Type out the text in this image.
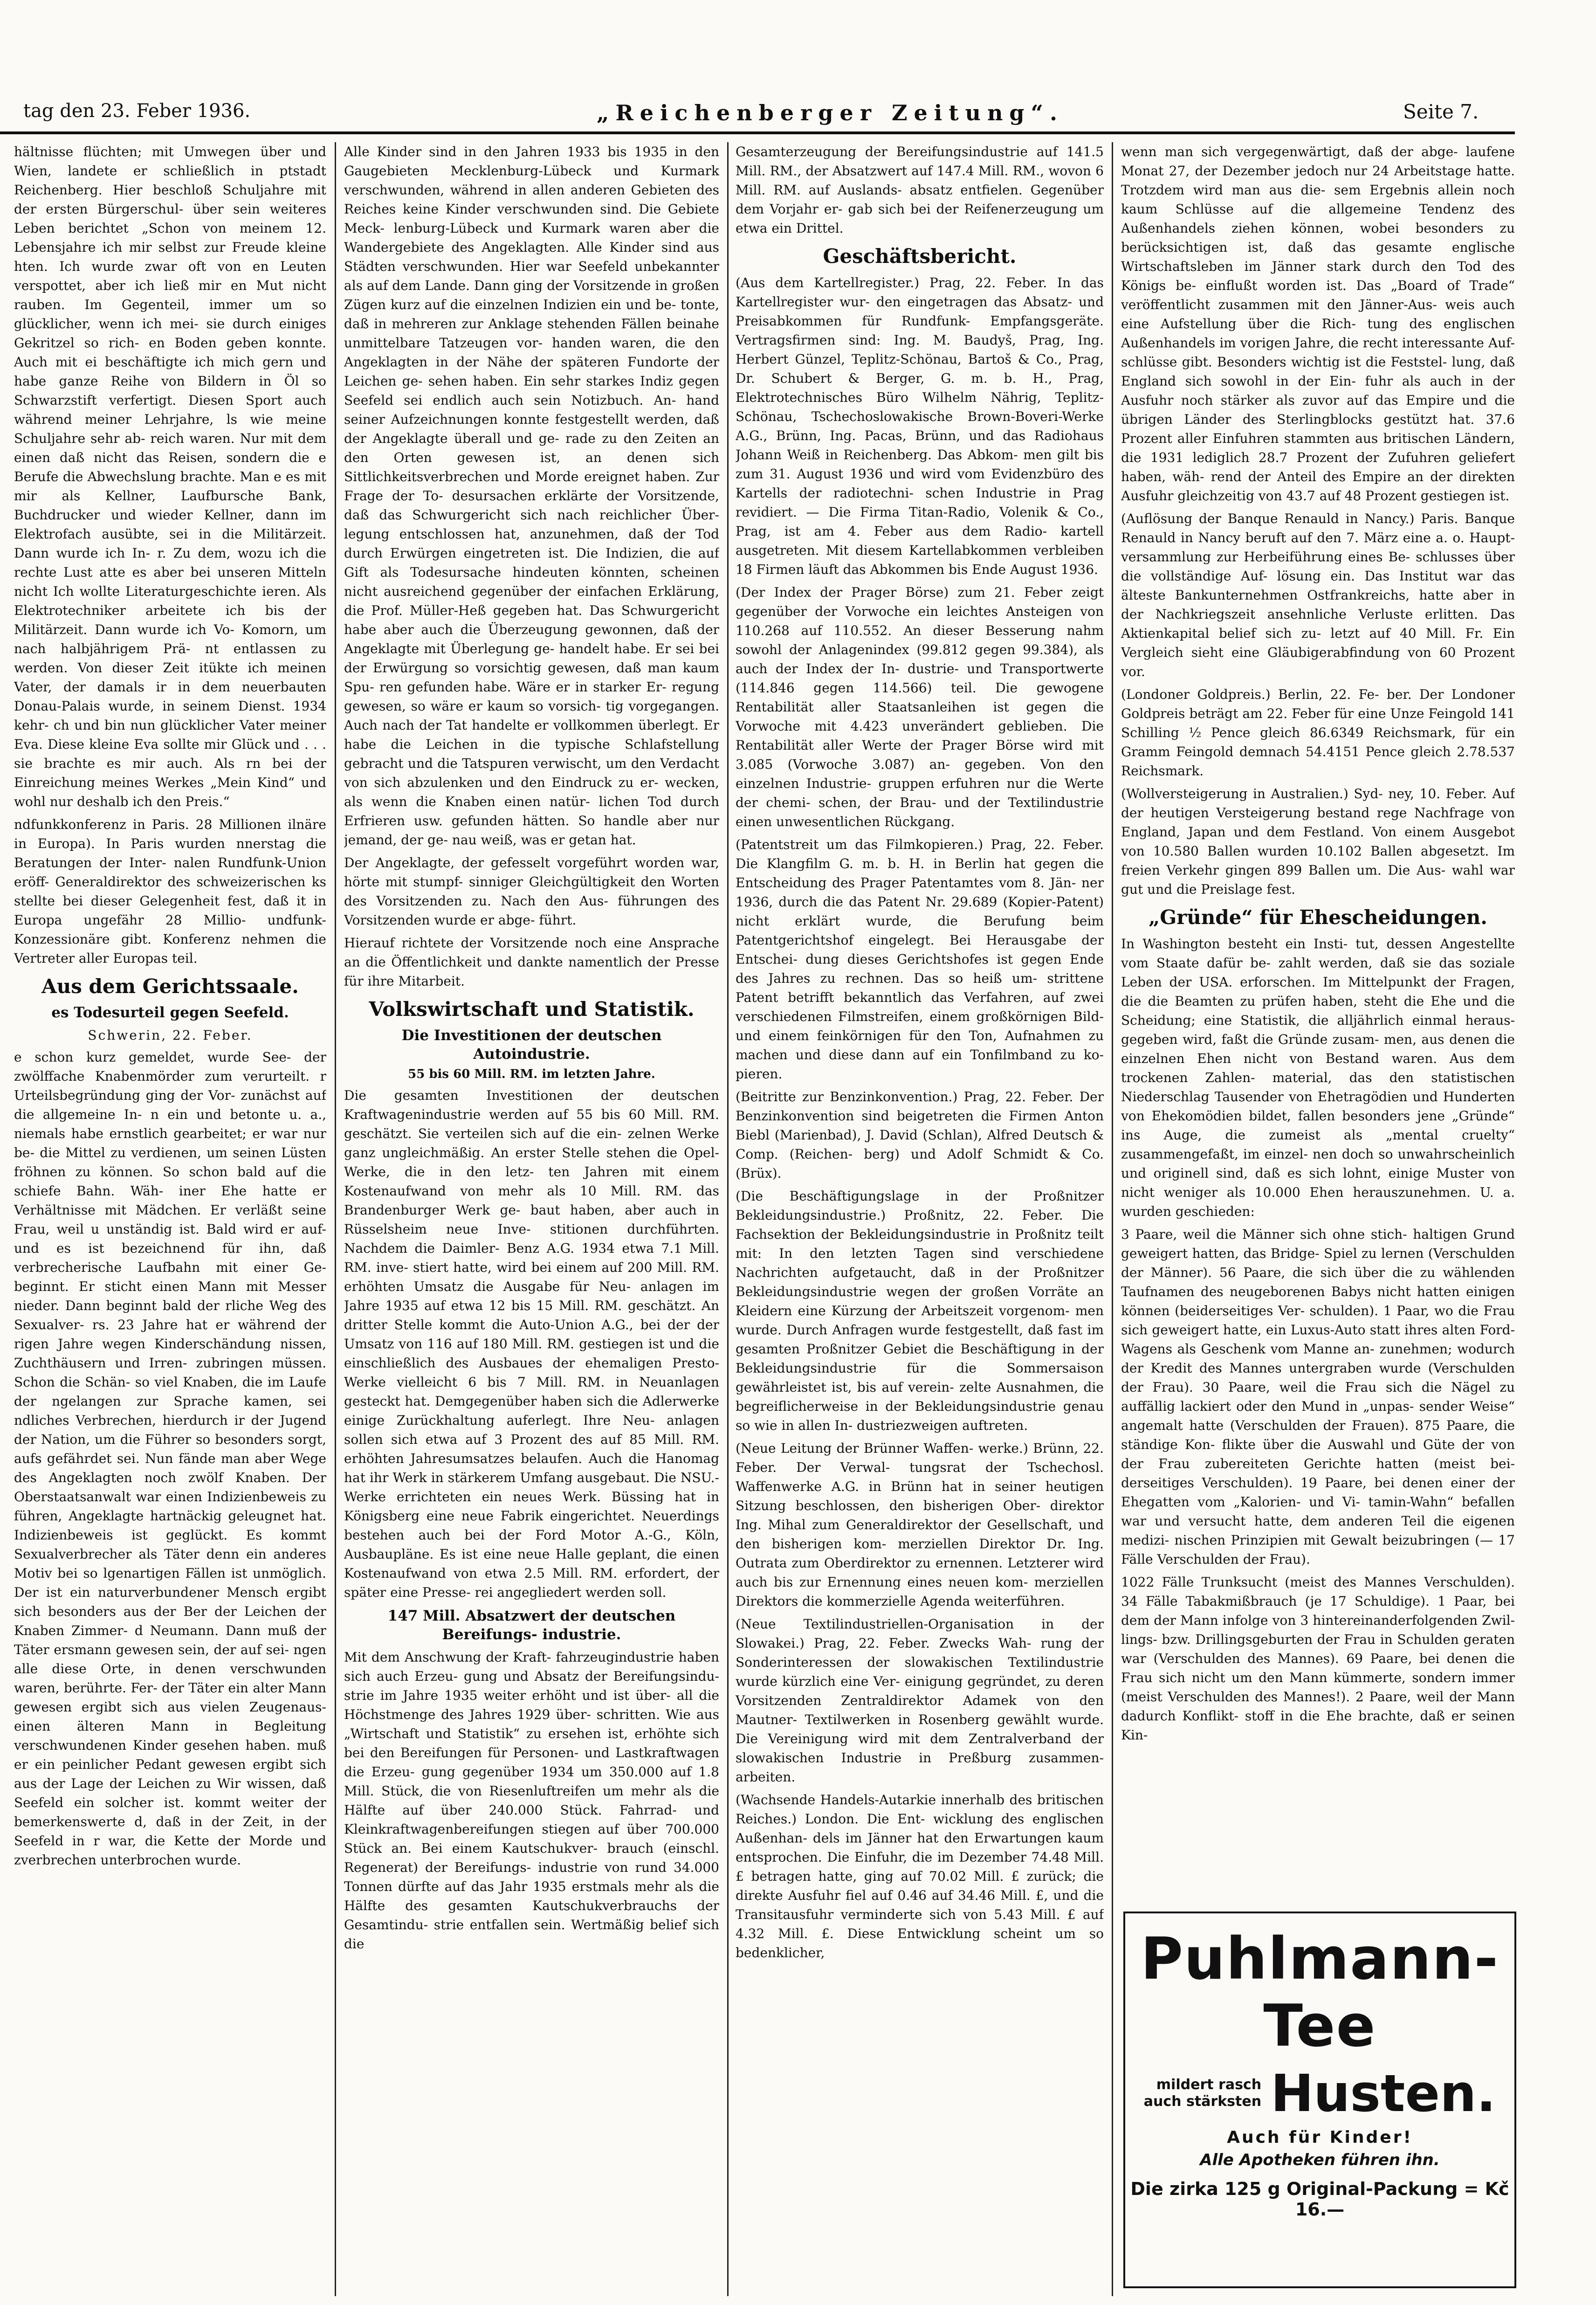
tag den 23. Feber 1936.	„Reichenberger Zeitung“.	Seite 7.

hältnisse flüchten; mit Umwegen über und Wien, landete er schließlich in ptstadt Reichenberg. Hier beschloß Schuljahre mit der ersten Bürgerschul- über sein weiteres Leben berichtet „Schon von meinem 12. Lebensjahre ich mir selbst zur Freude kleine hten. Ich wurde zwar oft von en Leuten verspottet, aber ich ließ mir en Mut nicht rauben. Im Gegenteil, immer um so glücklicher, wenn ich mei- sie durch einiges Gekritzel so rich- en Boden geben konnte. Auch mit ei beschäftigte ich mich gern und habe ganze Reihe von Bildern in Öl so Schwarzstift verfertigt. Diesen Sport auch während meiner Lehrjahre, ls wie meine Schuljahre sehr ab- reich waren. Nur mit dem einen daß nicht das Reisen, sondern die e Berufe die Abwechslung brachte. Man e es mit mir als Kellner, Laufbursche Bank, Buchdrucker und wieder Kellner, dann im Elektrofach ausübte, sei in die Militärzeit. Dann wurde ich In- r. Zu dem, wozu ich die rechte Lust atte es aber bei unseren Mitteln nicht Ich wollte Literaturgeschichte ieren. Als Elektrotechniker arbeitete ich bis der Militärzeit. Dann wurde ich Vo- Komorn, um nach halbjährigem Prä- nt entlassen zu werden. Von dieser Zeit itükte ich meinen Vater, der damals ir in dem neuerbauten Donau-Palais wurde, in seinem Dienst. 1934 kehr- ch und bin nun glücklicher Vater meiner Eva. Diese kleine Eva sollte mir Glück und . . . sie brachte es mir auch. Als rn bei der Einreichung meines Werkes „Mein Kind“ und wohl nur deshalb ich den Preis.“

ndfunkkonferenz in Paris. 28 Millionen ilnäre in Europa). In Paris wurden nnerstag die Beratungen der Inter- nalen Rundfunk-Union eröff- Generaldirektor des schweizerischen ks stellte bei dieser Gelegenheit fest, daß it in Europa ungefähr 28 Millio- undfunk-Konzessionäre gibt. Konferenz nehmen die Vertreter aller Europas teil.

Aus dem Gerichtssaale.
es Todesurteil gegen Seefeld.
Schwerin, 22. Feber.

e schon kurz gemeldet, wurde See- der zwölffache Knabenmörder zum verurteilt. r Urteilsbegründung ging der Vor- zunächst auf die allgemeine In- n ein und betonte u. a., niemals habe ernstlich gearbeitet; er war nur be- die Mittel zu verdienen, um seinen Lüsten fröhnen zu können. So schon bald auf die schiefe Bahn. Wäh- iner Ehe hatte er Verhältnisse mit Mädchen. Er verläßt seine Frau, weil u unständig ist. Bald wird er auf- und es ist bezeichnend für ihn, daß verbrecherische Laufbahn mit einer Ge- beginnt. Er sticht einen Mann mit Messer nieder. Dann beginnt bald der rliche Weg des Sexualver- rs. 23 Jahre hat er während der rigen Jahre wegen Kinderschändung nissen, Zuchthäusern und Irren- zubringen müssen. Schon die Schän- so viel Knaben, die im Laufe der ngelangen zur Sprache kamen, sei ndliches Verbrechen, hierdurch ir der Jugend der Nation, um die Führer so besonders sorgt, aufs gefährdet sei. Nun fände man aber Wege des Angeklagten noch zwölf Knaben. Der Oberstaatsanwalt war einen Indizienbeweis zu führen, Angeklagte hartnäckig geleugnet hat. Indizienbeweis ist geglückt. Es kommt Sexualverbrecher als Täter denn ein anderes Motiv bei so lgenartigen Fällen ist unmöglich. Der ist ein naturverbundener Mensch ergibt sich besonders aus der Ber der Leichen der Knaben Zimmer- d Neumann. Dann muß der Täter ersmann gewesen sein, der auf sei- ngen alle diese Orte, in denen verschwunden waren, berührte. Fer- der Täter ein alter Mann gewesen ergibt sich aus vielen Zeugenaus- einen älteren Mann in Begleitung verschwundenen Kinder gesehen haben. muß er ein peinlicher Pedant gewesen ergibt sich aus der Lage der Leichen zu Wir wissen, daß Seefeld ein solcher ist. kommt weiter der bemerkenswerte d, daß in der Zeit, in der Seefeld in r war, die Kette der Morde und zverbrechen unterbrochen wurde.

Alle Kinder sind in den Jahren 1933 bis 1935 in den Gaugebieten Mecklenburg-Lübeck und Kurmark verschwunden, während in allen anderen Gebieten des Reiches keine Kinder verschwunden sind. Die Gebiete Meck- lenburg-Lübeck und Kurmark waren aber die Wandergebiete des Angeklagten. Alle Kinder sind aus Städten verschwunden. Hier war Seefeld unbekannter als auf dem Lande. Dann ging der Vorsitzende in großen Zügen kurz auf die einzelnen Indizien ein und be- tonte, daß in mehreren zur Anklage stehenden Fällen beinahe unmittelbare Tatzeugen vor- handen waren, die den Angeklagten in der Nähe der späteren Fundorte der Leichen ge- sehen haben. Ein sehr starkes Indiz gegen Seefeld sei endlich auch sein Notizbuch. An- hand seiner Aufzeichnungen konnte festgestellt werden, daß der Angeklagte überall und ge- rade zu den Zeiten an den Orten gewesen ist, an denen sich Sittlichkeitsverbrechen und Morde ereignet haben. Zur Frage der To- desursachen erklärte der Vorsitzende, daß das Schwurgericht sich nach reichlicher Über- legung entschlossen hat, anzunehmen, daß der Tod durch Erwürgen eingetreten ist. Die Indizien, die auf Gift als Todesursache hindeuten könnten, scheinen nicht ausreichend gegenüber der einfachen Erklärung, die Prof. Müller-Heß gegeben hat. Das Schwurgericht habe aber auch die Überzeugung gewonnen, daß der Angeklagte mit Überlegung ge- handelt habe. Er sei bei der Erwürgung so vorsichtig gewesen, daß man kaum Spu- ren gefunden habe. Wäre er in starker Er- regung gewesen, so wäre er kaum so vorsich- tig vorgegangen. Auch nach der Tat handelte er vollkommen überlegt. Er habe die Leichen in die typische Schlafstellung gebracht und die Tatspuren verwischt, um den Verdacht von sich abzulenken und den Eindruck zu er- wecken, als wenn die Knaben einen natür- lichen Tod durch Erfrieren usw. gefunden hätten. So handle aber nur jemand, der ge- nau weiß, was er getan hat.

Der Angeklagte, der gefesselt vorgeführt worden war, hörte mit stumpf- sinniger Gleichgültigkeit den Worten des Vorsitzenden zu. Nach den Aus- führungen des Vorsitzenden wurde er abge- führt.

Hierauf richtete der Vorsitzende noch eine Ansprache an die Öffentlichkeit und dankte namentlich der Presse für ihre Mitarbeit.

Volkswirtschaft und Statistik.
Die Investitionen der deutschen Autoindustrie.
55 bis 60 Mill. RM. im letzten Jahre.

Die gesamten Investitionen der deutschen Kraftwagenindustrie werden auf 55 bis 60 Mill. RM. geschätzt. Sie verteilen sich auf die ein- zelnen Werke ganz ungleichmäßig. An erster Stelle stehen die Opel-Werke, die in den letz- ten Jahren mit einem Kostenaufwand von mehr als 10 Mill. RM. das Brandenburger Werk ge- baut haben, aber auch in Rüsselsheim neue Inve- stitionen durchführten. Nachdem die Daimler- Benz A.G. 1934 etwa 7.1 Mill. RM. inve- stiert hatte, wird bei einem auf 200 Mill. RM. erhöhten Umsatz die Ausgabe für Neu- anlagen im Jahre 1935 auf etwa 12 bis 15 Mill. RM. geschätzt. An dritter Stelle kommt die Auto-Union A.G., bei der der Umsatz von 116 auf 180 Mill. RM. gestiegen ist und die einschließlich des Ausbaues der ehemaligen Presto-Werke vielleicht 6 bis 7 Mill. RM. in Neuanlagen gesteckt hat. Demgegenüber haben sich die Adlerwerke einige Zurückhaltung auferlegt. Ihre Neu- anlagen sollen sich etwa auf 3 Prozent des auf 85 Mill. RM. erhöhten Jahresumsatzes belaufen. Auch die Hanomag hat ihr Werk in stärkerem Umfang ausgebaut. Die NSU.-Werke errichteten ein neues Werk. Büssing hat in Königsberg eine neue Fabrik eingerichtet. Neuerdings bestehen auch bei der Ford Motor A.-G., Köln, Ausbaupläne. Es ist eine neue Halle geplant, die einen Kostenaufwand von etwa 2.5 Mill. RM. erfordert, der später eine Presse- rei angegliedert werden soll.

147 Mill. Absatzwert der deutschen Bereifungs- industrie.

Mit dem Anschwung der Kraft- fahrzeugindustrie haben sich auch Erzeu- gung und Absatz der Bereifungsindu- strie im Jahre 1935 weiter erhöht und ist über- all die Höchstmenge des Jahres 1929 über- schritten. Wie aus „Wirtschaft und Statistik“ zu ersehen ist, erhöhte sich bei den Bereifungen für Personen- und Lastkraftwagen die Erzeu- gung gegenüber 1934 um 350.000 auf 1.8 Mill. Stück, die von Riesenluftreifen um mehr als die Hälfte auf über 240.000 Stück. Fahrrad- und Kleinkraftwagenbereifungen stiegen auf über 700.000 Stück an. Bei einem Kautschukver- brauch (einschl. Regenerat) der Bereifungs- industrie von rund 34.000 Tonnen dürfte auf das Jahr 1935 erstmals mehr als die Hälfte des gesamten Kautschukverbrauchs der Gesamtindu- strie entfallen sein. Wertmäßig belief sich die

Gesamterzeugung der Bereifungsindustrie auf 141.5 Mill. RM., der Absatzwert auf 147.4 Mill. RM., wovon 6 Mill. RM. auf Auslands- absatz entfielen. Gegenüber dem Vorjahr er- gab sich bei der Reifenerzeugung um etwa ein Drittel.

Geschäftsbericht.

(Aus dem Kartellregister.) Prag, 22. Feber. In das Kartellregister wur- den eingetragen das Absatz- und Preisabkommen für Rundfunk- Empfangsgeräte. Vertragsfirmen sind: Ing. M. Baudyš, Prag, Ing. Herbert Günzel, Teplitz-Schönau, Bartoš & Co., Prag, Dr. Schubert & Berger, G. m. b. H., Prag, Elektrotechnisches Büro Wilhelm Nährig, Teplitz-Schönau, Tschechoslowakische Brown-Boveri-Werke A.G., Brünn, Ing. Pacas, Brünn, und das Radiohaus Johann Weiß in Reichenberg. Das Abkom- men gilt bis zum 31. August 1936 und wird vom Evidenzbüro des Kartells der radiotechni- schen Industrie in Prag revidiert. — Die Firma Titan-Radio, Volenik & Co., Prag, ist am 4. Feber aus dem Radio- kartell ausgetreten. Mit diesem Kartellabkommen verbleiben 18 Firmen läuft das Abkommen bis Ende August 1936.

(Der Index der Prager Börse) zum 21. Feber zeigt gegenüber der Vorwoche ein leichtes Ansteigen von 110.268 auf 110.552. An dieser Besserung nahm sowohl der Anlagenindex (99.812 gegen 99.384), als auch der Index der In- dustrie- und Transportwerte (114.846 gegen 114.566) teil. Die gewogene Rentabilität aller Staatsanleihen ist gegen die Vorwoche mit 4.423 unverändert geblieben. Die Rentabilität aller Werte der Prager Börse wird mit 3.085 (Vorwoche 3.087) an- gegeben. Von den einzelnen Industrie- gruppen erfuhren nur die Werte der chemi- schen, der Brau- und der Textilindustrie einen unwesentlichen Rückgang.

(Patentstreit um das Filmkopieren.) Prag, 22. Feber. Die Klangfilm G. m. b. H. in Berlin hat gegen die Entscheidung des Prager Patentamtes vom 8. Jän- ner 1936, durch die das Patent Nr. 29.689 (Kopier-Patent) nicht erklärt wurde, die Berufung beim Patentgerichtshof eingelegt. Bei Herausgabe der Entschei- dung dieses Gerichtshofes ist gegen Ende des Jahres zu rechnen. Das so heiß um- strittene Patent betrifft bekanntlich das Verfahren, auf zwei verschiedenen Filmstreifen, einem großkörnigen Bild- und einem feinkörnigen für den Ton, Aufnahmen zu machen und diese dann auf ein Tonfilmband zu ko- pieren.

(Beitritte zur Benzinkonvention.) Prag, 22. Feber. Der Benzinkonvention sind beigetreten die Firmen Anton Biebl (Marienbad), J. David (Schlan), Alfred Deutsch & Comp. (Reichen- berg) und Adolf Schmidt & Co. (Brüx).

(Die Beschäftigungslage in der Proßnitzer Bekleidungsindustrie.) Proßnitz, 22. Feber. Die Fachsektion der Bekleidungsindustrie in Proßnitz teilt mit: In den letzten Tagen sind verschiedene Nachrichten aufgetaucht, daß in der Proßnitzer Bekleidungsindustrie wegen der großen Vorräte an Kleidern eine Kürzung der Arbeitszeit vorgenom- men wurde. Durch Anfragen wurde festgestellt, daß fast im gesamten Proßnitzer Gebiet die Beschäftigung in der Bekleidungsindustrie für die Sommersaison gewährleistet ist, bis auf verein- zelte Ausnahmen, die begreiflicherweise in der Bekleidungsindustrie genau so wie in allen In- dustriezweigen auftreten.

(Neue Leitung der Brünner Waffen- werke.) Brünn, 22. Feber. Der Verwal- tungsrat der Tschechosl. Waffenwerke A.G. in Brünn hat in seiner heutigen Sitzung beschlossen, den bisherigen Ober- direktor Ing. Mihal zum Generaldirektor der Gesellschaft, und den bisherigen kom- merziellen Direktor Dr. Ing. Outrata zum Oberdirektor zu ernennen. Letzterer wird auch bis zur Ernennung eines neuen kom- merziellen Direktors die kommerzielle Agenda weiterführen.

(Neue Textilindustriellen-Organisation in der Slowakei.) Prag, 22. Feber. Zwecks Wah- rung der Sonderinteressen der slowakischen Textilindustrie wurde kürzlich eine Ver- einigung gegründet, zu deren Vorsitzenden Zentraldirektor Adamek von den Mautner- Textilwerken in Rosenberg gewählt wurde. Die Vereinigung wird mit dem Zentralverband der slowakischen Industrie in Preßburg zusammen- arbeiten.

(Wachsende Handels-Autarkie innerhalb des britischen Reiches.) London. Die Ent- wicklung des englischen Außenhan- dels im Jänner hat den Erwartungen kaum entsprochen. Die Einfuhr, die im Dezember 74.48 Mill. £ betragen hatte, ging auf 70.02 Mill. £ zurück; die direkte Ausfuhr fiel auf 0.46 auf 34.46 Mill. £, und die Transitausfuhr verminderte sich von 5.43 Mill. £ auf 4.32 Mill. £. Diese Entwicklung scheint um so bedenklicher,

wenn man sich vergegenwärtigt, daß der abge- laufene Monat 27, der Dezember jedoch nur 24 Arbeitstage hatte. Trotzdem wird man aus die- sem Ergebnis allein noch kaum Schlüsse auf die allgemeine Tendenz des Außenhandels ziehen können, wobei besonders zu berücksichtigen ist, daß das gesamte englische Wirtschaftsleben im Jänner stark durch den Tod des Königs be- einflußt worden ist. Das „Board of Trade“ veröffentlicht zusammen mit den Jänner-Aus- weis auch eine Aufstellung über die Rich- tung des englischen Außenhandels im vorigen Jahre, die recht interessante Auf- schlüsse gibt. Besonders wichtig ist die Feststel- lung, daß England sich sowohl in der Ein- fuhr als auch in der Ausfuhr noch stärker als zuvor auf das Empire und die übrigen Länder des Sterlingblocks gestützt hat. 37.6 Prozent aller Einfuhren stammten aus britischen Ländern, die 1931 lediglich 28.7 Prozent der Zufuhren geliefert haben, wäh- rend der Anteil des Empire an der direkten Ausfuhr gleichzeitig von 43.7 auf 48 Prozent gestiegen ist.

(Auflösung der Banque Renauld in Nancy.) Paris. Banque Renauld in Nancy beruft auf den 7. März eine a. o. Haupt- versammlung zur Herbeiführung eines Be- schlusses über die vollständige Auf- lösung ein. Das Institut war das älteste Bankunternehmen Ostfrankreichs, hatte aber in der Nachkriegszeit ansehnliche Verluste erlitten. Das Aktienkapital belief sich zu- letzt auf 40 Mill. Fr. Ein Vergleich sieht eine Gläubigerabfindung von 60 Prozent vor.

(Londoner Goldpreis.) Berlin, 22. Fe- ber. Der Londoner Goldpreis beträgt am 22. Feber für eine Unze Feingold 141 Schilling ½ Pence gleich 86.6349 Reichsmark, für ein Gramm Feingold demnach 54.4151 Pence gleich 2.78.537 Reichsmark.

(Wollversteigerung in Australien.) Syd- ney, 10. Feber. Auf der heutigen Versteigerung bestand rege Nachfrage von England, Japan und dem Festland. Von einem Ausgebot von 10.580 Ballen wurden 10.102 Ballen abgesetzt. Im freien Verkehr gingen 899 Ballen um. Die Aus- wahl war gut und die Preislage fest.

„Gründe“ für Ehescheidungen.

In Washington besteht ein Insti- tut, dessen Angestellte vom Staate dafür be- zahlt werden, daß sie das soziale Leben der USA. erforschen. Im Mittelpunkt der Fragen, die die Beamten zu prüfen haben, steht die Ehe und die Scheidung; eine Statistik, die alljährlich einmal heraus- gegeben wird, faßt die Gründe zusam- men, aus denen die einzelnen Ehen nicht von Bestand waren. Aus dem trockenen Zahlen- material, das den statistischen Niederschlag Tausender von Ehetragödien und Hunderten von Ehekomödien bildet, fallen besonders jene „Gründe“ ins Auge, die zumeist als „mental cruelty“ zusammengefaßt, im einzel- nen doch so unwahrscheinlich und originell sind, daß es sich lohnt, einige Muster von nicht weniger als 10.000 Ehen herauszunehmen. U. a. wurden geschieden:

3 Paare, weil die Männer sich ohne stich- haltigen Grund geweigert hatten, das Bridge- Spiel zu lernen (Verschulden der Männer). 56 Paare, die sich über die zu wählenden Taufnamen des neugeborenen Babys nicht hatten einigen können (beiderseitiges Ver- schulden). 1 Paar, wo die Frau sich geweigert hatte, ein Luxus-Auto statt ihres alten Ford-Wagens als Geschenk vom Manne an- zunehmen; wodurch der Kredit des Mannes untergraben wurde (Verschulden der Frau). 30 Paare, weil die Frau sich die Nägel zu auffällig lackiert oder den Mund in „unpas- sender Weise“ angemalt hatte (Verschulden der Frauen). 875 Paare, die ständige Kon- flikte über die Auswahl und Güte der von der Frau zubereiteten Gerichte hatten (meist bei- derseitiges Verschulden). 19 Paare, bei denen einer der Ehegatten vom „Kalorien- und Vi- tamin-Wahn“ befallen war und versucht hatte, dem anderen Teil die eigenen medizi- nischen Prinzipien mit Gewalt beizubringen (— 17 Fälle Verschulden der Frau).

1022 Fälle Trunksucht (meist des Mannes Verschulden). 34 Fälle Tabakmißbrauch (je 17 Schuldige). 1 Paar, bei dem der Mann infolge von 3 hintereinanderfolgenden Zwil- lings- bzw. Drillingsgeburten der Frau in Schulden geraten war (Verschulden des Mannes). 69 Paare, bei denen die Frau sich nicht um den Mann kümmerte, sondern immer (meist Verschulden des Mannes!). 2 Paare, weil der Mann dadurch Konflikt- stoff in die Ehe brachte, daß er seinen Kin-

Puhlmann-Tee
mildert rasch
auch stärksten Husten.
Auch für Kinder!
Alle Apotheken führen ihn.
Die zirka 125 g Original-Packung = Kč 16.—
